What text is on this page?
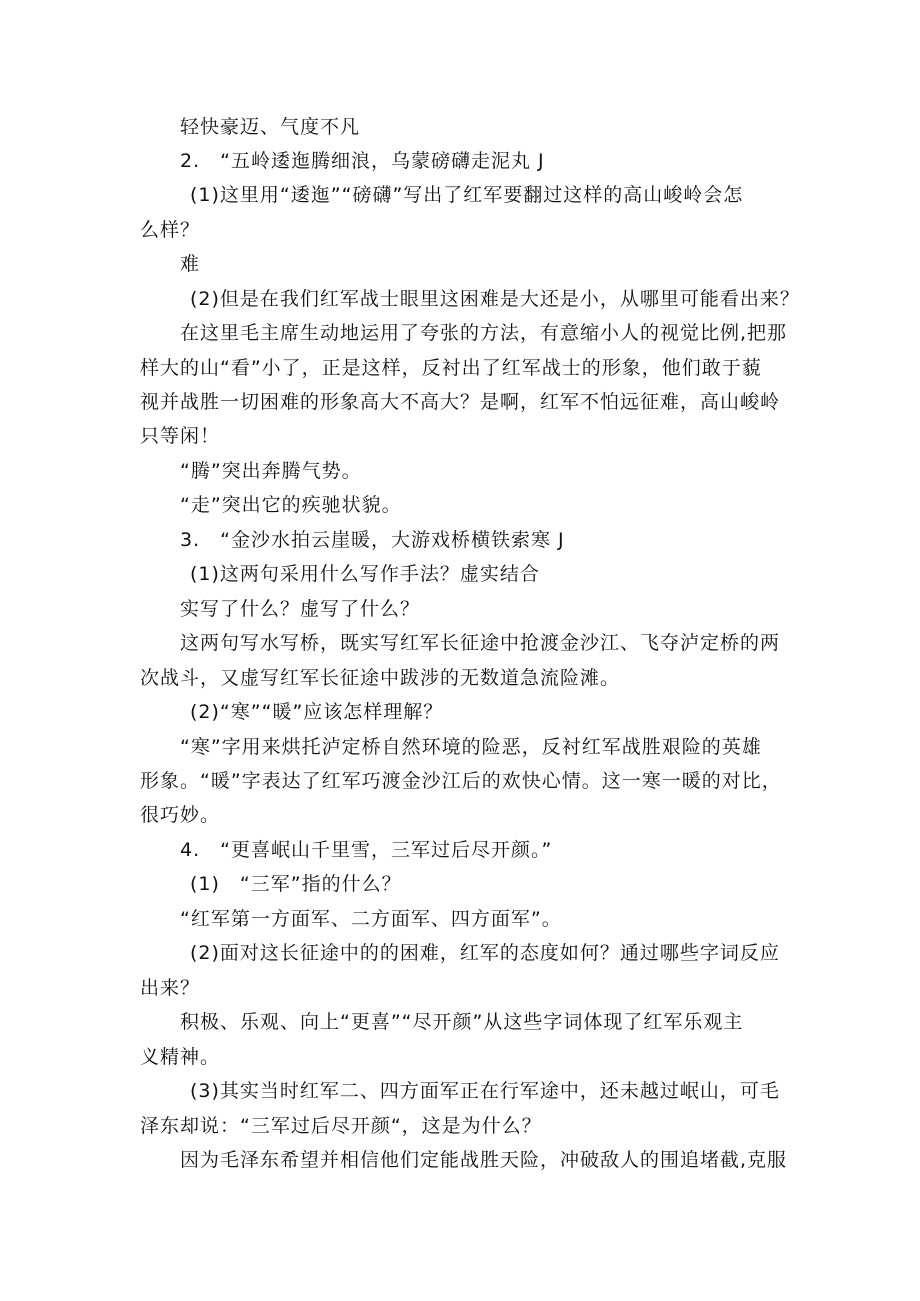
轻快豪迈、气度不凡
2.　“五岭逶迤腾细浪，乌蒙磅礴走泥丸 J
(1)这里用“逶迤”“磅礴”写出了红军要翻过这样的高山峻岭会怎
么样？
难
(2)但是在我们红军战士眼里这困难是大还是小，从哪里可能看出来？
在这里毛主席生动地运用了夸张的方法，有意缩小人的视觉比例,把那
样大的山“看”小了，正是这样，反衬出了红军战士的形象，他们敢于藐
视并战胜一切困难的形象高大不高大？是啊，红军不怕远征难，高山峻岭
只等闲！
“腾”突出奔腾气势。
“走”突出它的疾驰状貌。
3.　“金沙水拍云崖暖，大游戏桥横铁索寒 J
(1)这两句采用什么写作手法？虚实结合
实写了什么？虚写了什么？
这两句写水写桥，既实写红军长征途中抢渡金沙江、飞夺泸定桥的两
次战斗，又虚写红军长征途中跋涉的无数道急流险滩。
(2)“寒”“暖”应该怎样理解？
“寒”字用来烘托泸定桥自然环境的险恶，反衬红军战胜艰险的英雄
形象。“暖”字表达了红军巧渡金沙江后的欢快心情。这一寒一暖的对比，
很巧妙。
4.　“更喜岷山千里雪，三军过后尽开颜。”
(1)　“三军”指的什么？
“红军第一方面军、二方面军、四方面军”。
(2)面对这长征途中的的困难，红军的态度如何？通过哪些字词反应
出来？
积极、乐观、向上“更喜”“尽开颜”从这些字词体现了红军乐观主
义精神。
(3)其实当时红军二、四方面军正在行军途中，还未越过岷山，可毛
泽东却说：“三军过后尽开颜“，这是为什么？
因为毛泽东希望并相信他们定能战胜天险，冲破敌人的围追堵截,克服
